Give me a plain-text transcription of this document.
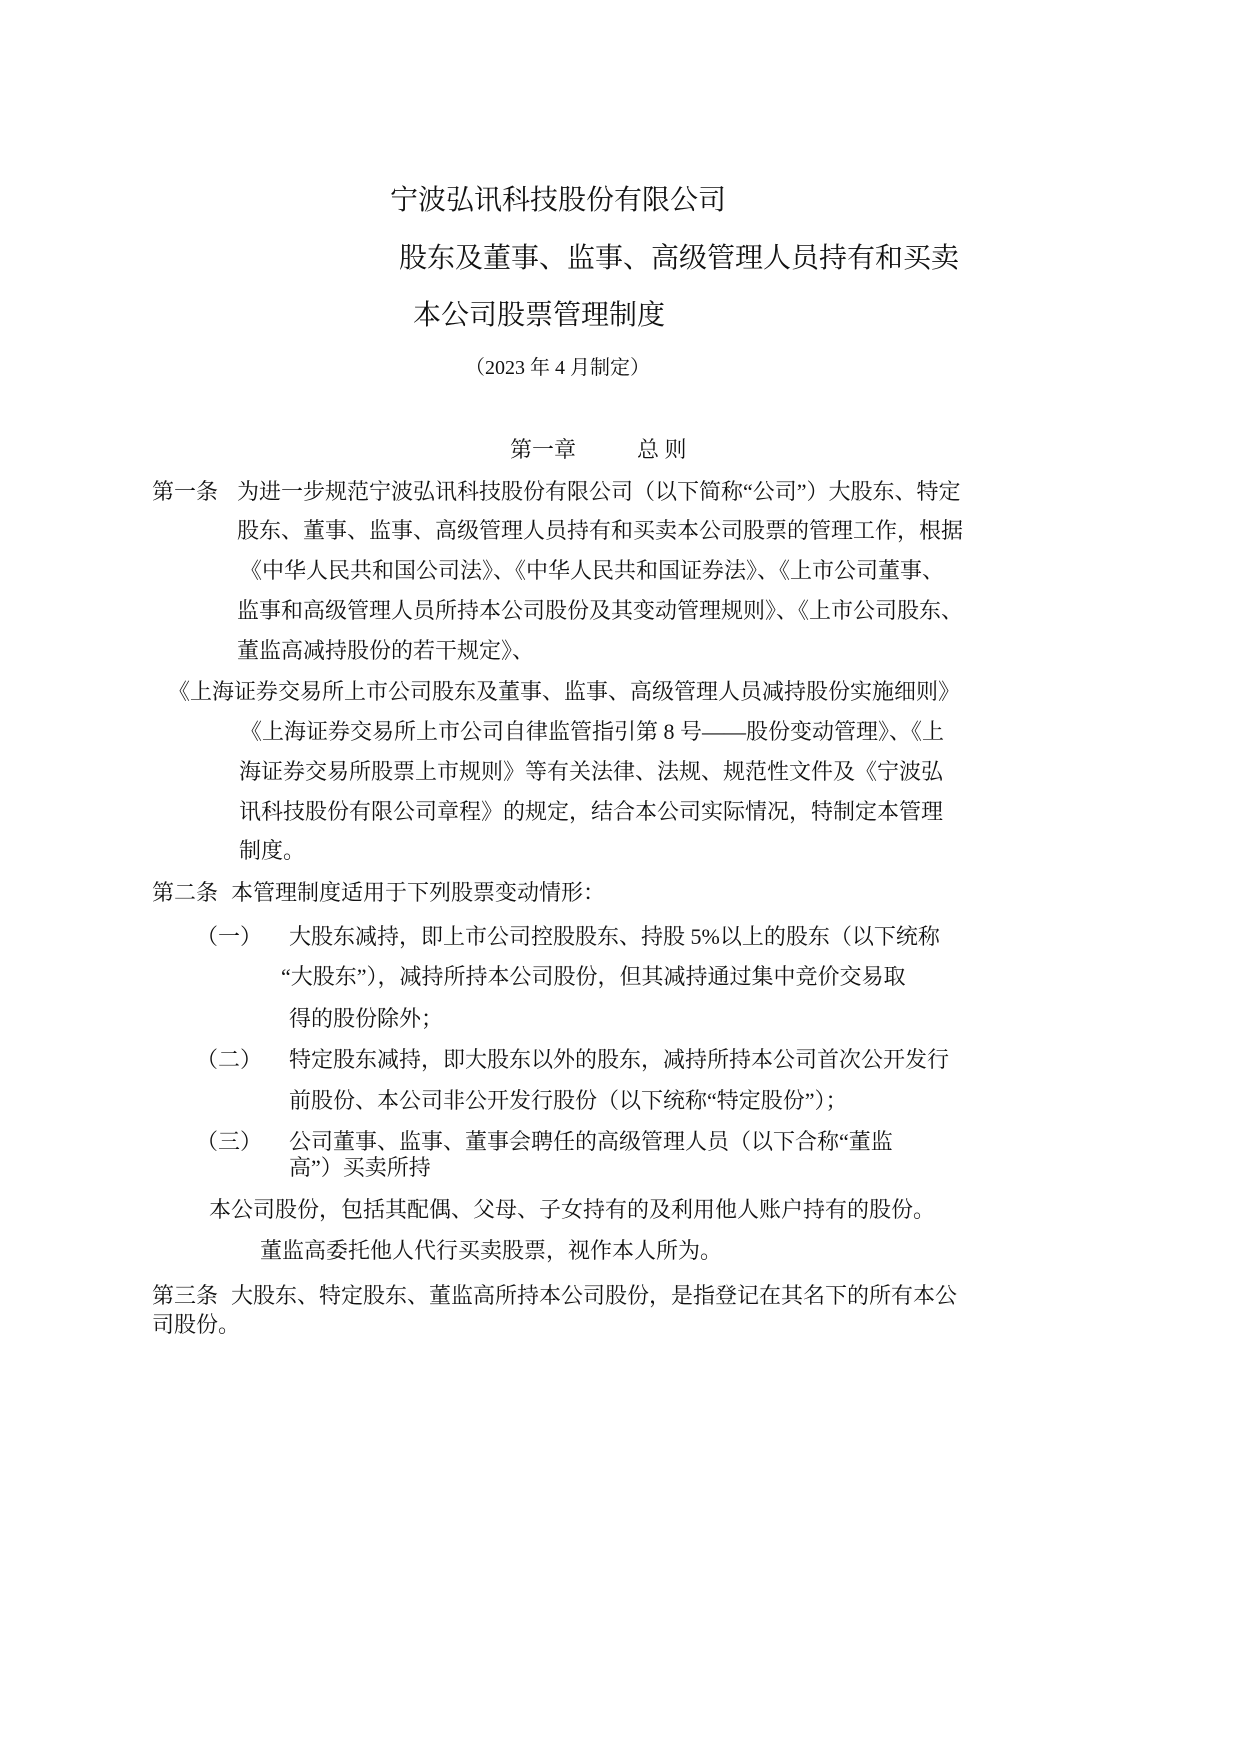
宁波弘讯科技股份有限公司
股东及董事、监事、高级管理人员持有和买卖
本公司股票管理制度
（2023 年 4 月制定）
第一章	总 则
第一条 为进一步规范宁波弘讯科技股份有限公司（以下简称“公司”）大股东、特定
股东、董事、监事、高级管理人员持有和买卖本公司股票的管理工作，根据
《中华人民共和国公司法》、《中华人民共和国证券法》、《上市公司董事、
监事和高级管理人员所持本公司股份及其变动管理规则》、《上市公司股东、
董监高减持股份的若干规定》、
《上海证券交易所上市公司股东及董事、监事、高级管理人员减持股份实施细则》
《上海证券交易所上市公司自律监管指引第 8 号——股份变动管理》、《上
海证券交易所股票上市规则》等有关法律、法规、规范性文件及《宁波弘
讯科技股份有限公司章程》的规定，结合本公司实际情况，特制定本管理
制度。
第二条 本管理制度适用于下列股票变动情形：
（一） 大股东减持，即上市公司控股股东、持股 5%以上的股东（以下统称
“大股东”），减持所持本公司股份，但其减持通过集中竞价交易取
得的股份除外；
（二） 特定股东减持，即大股东以外的股东，减持所持本公司首次公开发行
前股份、本公司非公开发行股份（以下统称“特定股份”）；
（三） 公司董事、监事、董事会聘任的高级管理人员（以下合称“董监
高”）买卖所持
本公司股份，包括其配偶、父母、子女持有的及利用他人账户持有的股份。
董监高委托他人代行买卖股票，视作本人所为。
第三条 大股东、特定股东、董监高所持本公司股份，是指登记在其名下的所有本公
司股份。
